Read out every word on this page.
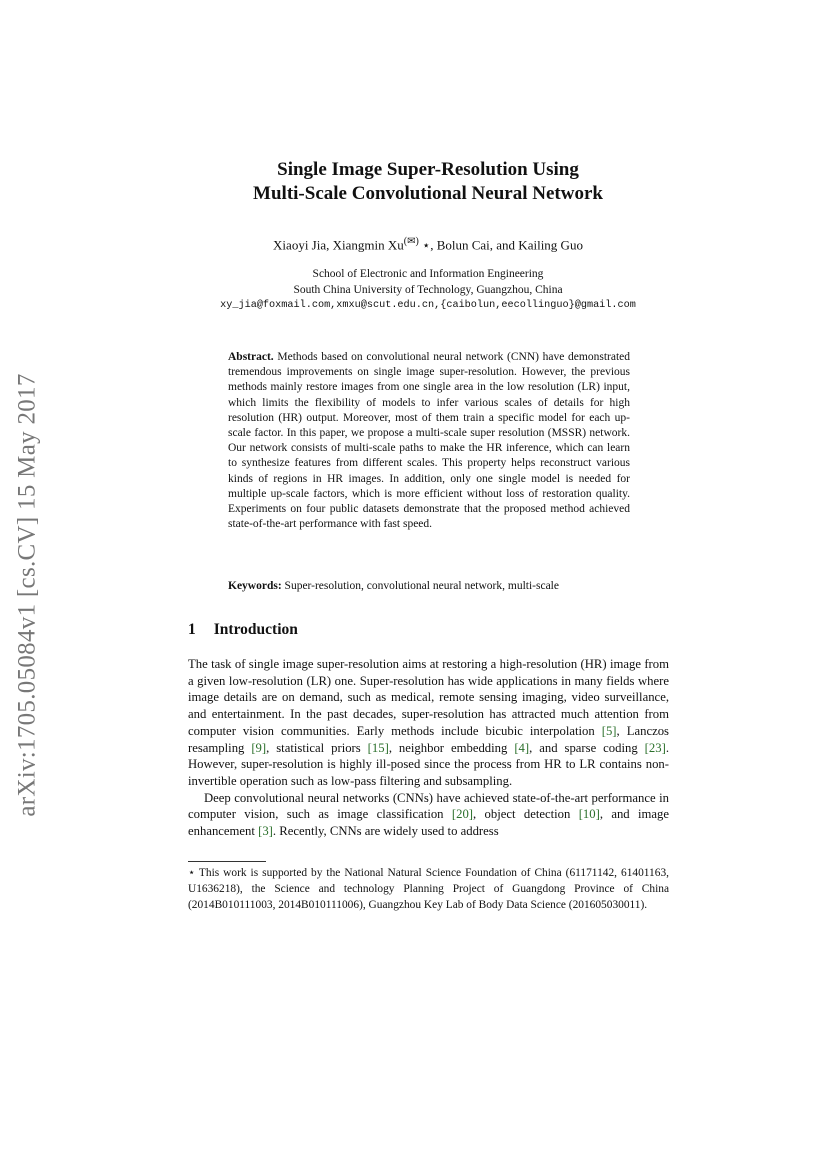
arXiv:1705.05084v1 [cs.CV] 15 May 2017
Single Image Super-Resolution Using
Multi-Scale Convolutional Neural Network
Xiaoyi Jia, Xiangmin Xu(✉) ⋆, Bolun Cai, and Kailing Guo
School of Electronic and Information Engineering
South China University of Technology, Guangzhou, China
xy_jia@foxmail.com,xmxu@scut.edu.cn,{caibolun,eecollinguo}@gmail.com
Abstract. Methods based on convolutional neural network (CNN) have demonstrated tremendous improvements on single image super-resolution. However, the previous methods mainly restore images from one single area in the low resolution (LR) input, which limits the flexibility of models to infer various scales of details for high resolution (HR) output. Moreover, most of them train a specific model for each up-scale factor. In this paper, we propose a multi-scale super resolution (MSSR) network. Our network consists of multi-scale paths to make the HR inference, which can learn to synthesize features from different scales. This property helps reconstruct various kinds of regions in HR images. In addition, only one single model is needed for multiple up-scale factors, which is more efficient without loss of restoration quality. Experiments on four public datasets demonstrate that the proposed method achieved state-of-the-art performance with fast speed.
Keywords: Super-resolution, convolutional neural network, multi-scale
1 Introduction

The task of single image super-resolution aims at restoring a high-resolution (HR) image from a given low-resolution (LR) one. Super-resolution has wide applications in many fields where image details are on demand, such as medical, remote sensing imaging, video surveillance, and entertainment. In the past decades, super-resolution has attracted much attention from computer vision communities. Early methods include bicubic interpolation [5], Lanczos resampling [9], statistical priors [15], neighbor embedding [4], and sparse coding [23]. However, super-resolution is highly ill-posed since the process from HR to LR contains non-invertible operation such as low-pass filtering and subsampling.

Deep convolutional neural networks (CNNs) have achieved state-of-the-art performance in computer vision, such as image classification [20], object detection [10], and image enhancement [3]. Recently, CNNs are widely used to address

⋆ This work is supported by the National Natural Science Foundation of China (61171142, 61401163, U1636218), the Science and technology Planning Project of Guangdong Province of China (2014B010111003, 2014B010111006), Guangzhou Key Lab of Body Data Science (201605030011).
